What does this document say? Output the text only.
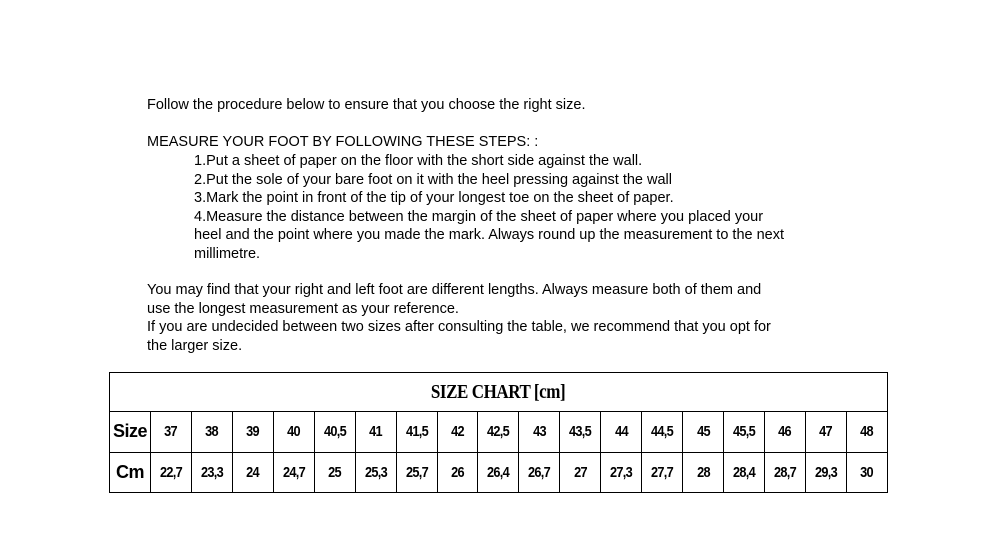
Follow the procedure below to ensure that you choose the right size.
MEASURE YOUR FOOT BY FOLLOWING THESE STEPS: :
1.Put a sheet of paper on the floor with the short side against the wall.
2.Put the sole of your bare foot on it with the heel pressing against the wall
3.Mark the point in front of the tip of your longest toe on the sheet of paper.
4.Measure the distance between the margin of the sheet of paper where you placed your
heel and the point where you made the mark. Always round up the measurement to the next
millimetre.
You may find that your right and left foot are different lengths. Always measure both of them and
use the longest measurement as your reference.
If you are undecided between two sizes after consulting the table, we recommend that you opt for
the larger size.
SIZE CHART [cm]																		
Size	37	38	39	40	40,5	41	41,5	42	42,5	43	43,5	44	44,5	45	45,5	46	47	48
Cm	22,7	23,3	24	24,7	25	25,3	25,7	26	26,4	26,7	27	27,3	27,7	28	28,4	28,7	29,3	30
